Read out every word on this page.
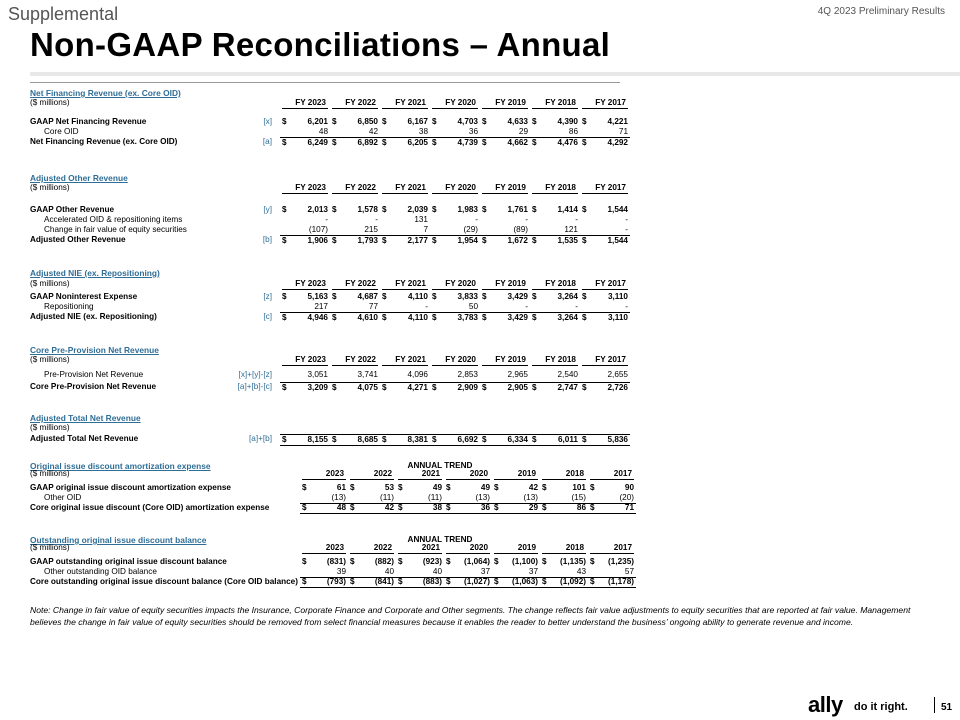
Supplemental	4Q 2023 Preliminary Results
Non-GAAP Reconciliations – Annual
Net Financing Revenue (ex. Core OID)
($ millions)	FY 2023	FY 2022	FY 2021	FY 2020	FY 2019	FY 2018	FY 2017
GAAP Net Financing Revenue	[x] $	6,201 $	6,850 $	6,167 $	4,703 $	4,633 $	4,390 $	4,221
Core OID	48	42	38	36	29	86	71
Net Financing Revenue (ex. Core OID)	[a] $	6,249 $	6,892 $	6,205 $	4,739 $	4,662 $	4,476 $	4,292
Adjusted Other Revenue
($ millions)	FY 2023	FY 2022	FY 2021	FY 2020	FY 2019	FY 2018	FY 2017
GAAP Other Revenue	[y] $	2,013 $	1,578 $	2,039 $	1,983 $	1,761 $	1,414 $	1,544
Accelerated OID & repositioning items	-	-	131	-	-	-	-
Change in fair value of equity securities	(107)	215	7	(29)	(89)	121	-
Adjusted Other Revenue	[b] $	1,906 $	1,793 $	2,177 $	1,954 $	1,672 $	1,535 $	1,544
Adjusted NIE (ex. Repositioning)
($ millions)	FY 2023	FY 2022	FY 2021	FY 2020	FY 2019	FY 2018	FY 2017
GAAP Noninterest Expense	[z] $	5,163 $	4,687 $	4,110 $	3,833 $	3,429 $	3,264 $	3,110
Repositioning	217	77	-	50	-	-	-
Adjusted NIE (ex. Repositioning)	[c] $	4,946 $	4,610 $	4,110 $	3,783 $	3,429 $	3,264 $	3,110
Core Pre-Provision Net Revenue
($ millions)	FY 2023	FY 2022	FY 2021	FY 2020	FY 2019	FY 2018	FY 2017
Pre-Provision Net Revenue	[x]+[y]-[z]	3,051	3,741	4,096	2,853	2,965	2,540	2,655
Core Pre-Provision Net Revenue	[a]+[b]-[c] $	3,209 $	4,075 $	4,271 $	2,909 $	2,905 $	2,747 $	2,726
Adjusted Total Net Revenue
($ millions)
Adjusted Total Net Revenue	[a]+[b] $	8,155 $	8,685 $	8,381 $	6,692 $	6,334 $	6,011 $	5,836
Original issue discount amortization expense
($ millions)
ANNUAL TREND
2023	2022	2021	2020	2019	2018	2017
GAAP original issue discount amortization expense	$	61 $	53 $	49 $	49 $	42 $	101 $	90
Other OID	(13)	(11)	(11)	(13)	(13)	(15)	(20)
Core original issue discount (Core OID) amortization expense	$	48 $	42 $	38 $	36 $	29 $	86 $	71
Outstanding original issue discount balance
($ millions)
ANNUAL TREND
2023	2022	2021	2020	2019	2018	2017
GAAP outstanding original issue discount balance	$ (831) $ (882) $ (923) $ (1,064) $ (1,100) $ (1,135) $ (1,235)
Other outstanding OID balance	39	40	40	37	37	43	57
Core outstanding original issue discount balance (Core OID balance) $ (793) $ (841) $ (883) $ (1,027) $ (1,063) $ (1,092) $ (1,178)
Note: Change in fair value of equity securities impacts the Insurance, Corporate Finance and Corporate and Other segments. The change reflects fair value adjustments to equity securities that are reported at fair value. Management believes the change in fair value of equity securities should be removed from select financial measures because it enables the reader to better understand the business’ ongoing ability to generate revenue and income.
ally do it right.	51
